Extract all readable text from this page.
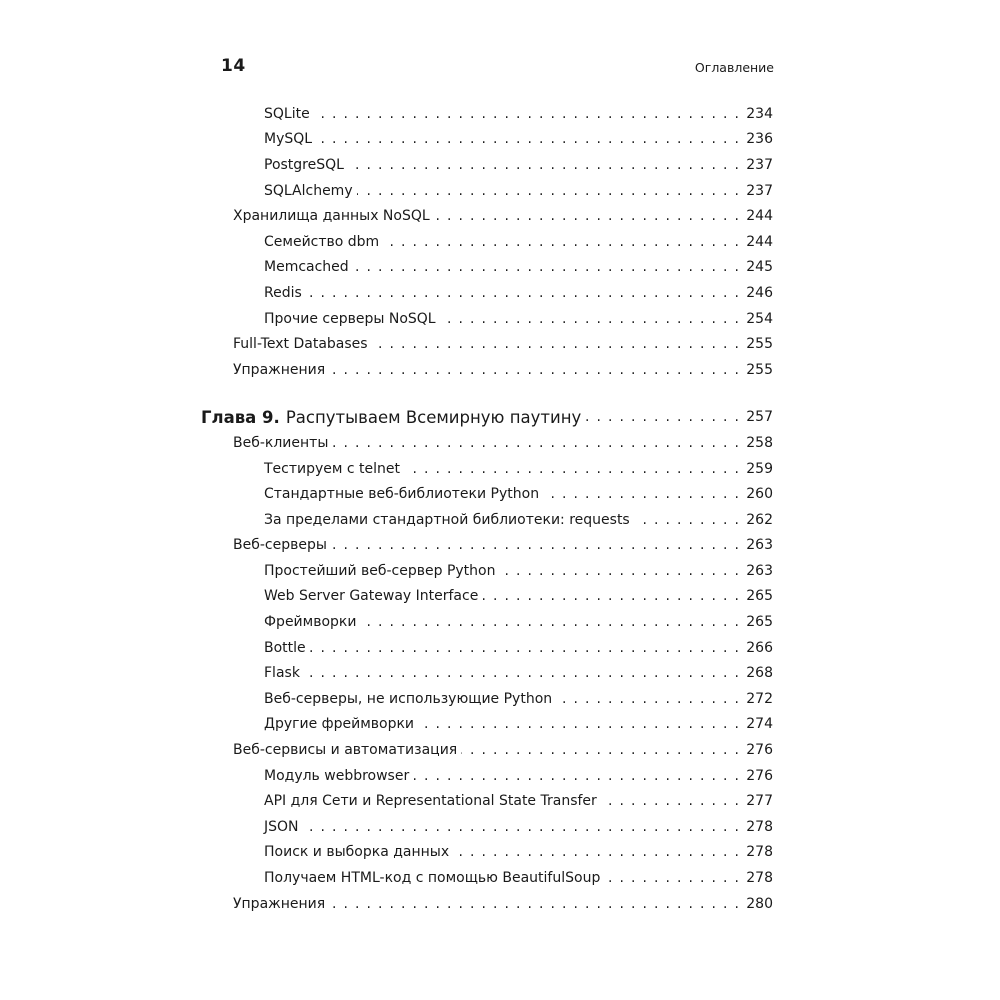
14	Оглавление
SQLite . . .	234
MySQL . . .	236
PostgreSQL . . .	237
SQLAlchemy . . .	237
Хранилища данных NoSQL . . .	244
Семейство dbm . . .	244
Memcached . . .	245
Redis . . .	246
Прочие серверы NoSQL . . .	254
Full-Text Databases . . .	255
Упражнения . . .	255
Глава 9. Распутываем Всемирную паутину . . .	257
Веб-клиенты . . .	258
Тестируем с telnet . . .	259
Стандартные веб-библиотеки Python . . .	260
За пределами стандартной библиотеки: requests . . .	262
Веб-серверы . . .	263
Простейший веб-сервер Python . . .	263
Web Server Gateway Interface . . .	265
Фреймворки . . .	265
Bottle . . .	266
Flask . . .	268
Веб-серверы, не использующие Python . . .	272
Другие фреймворки . . .	274
Веб-сервисы и автоматизация . . .	276
Модуль webbrowser . . .	276
API для Сети и Representational State Transfer . . .	277
JSON . . .	278
Поиск и выборка данных . . .	278
Получаем HTML-код с помощью BeautifulSoup . . .	278
Упражнения . . .	280
